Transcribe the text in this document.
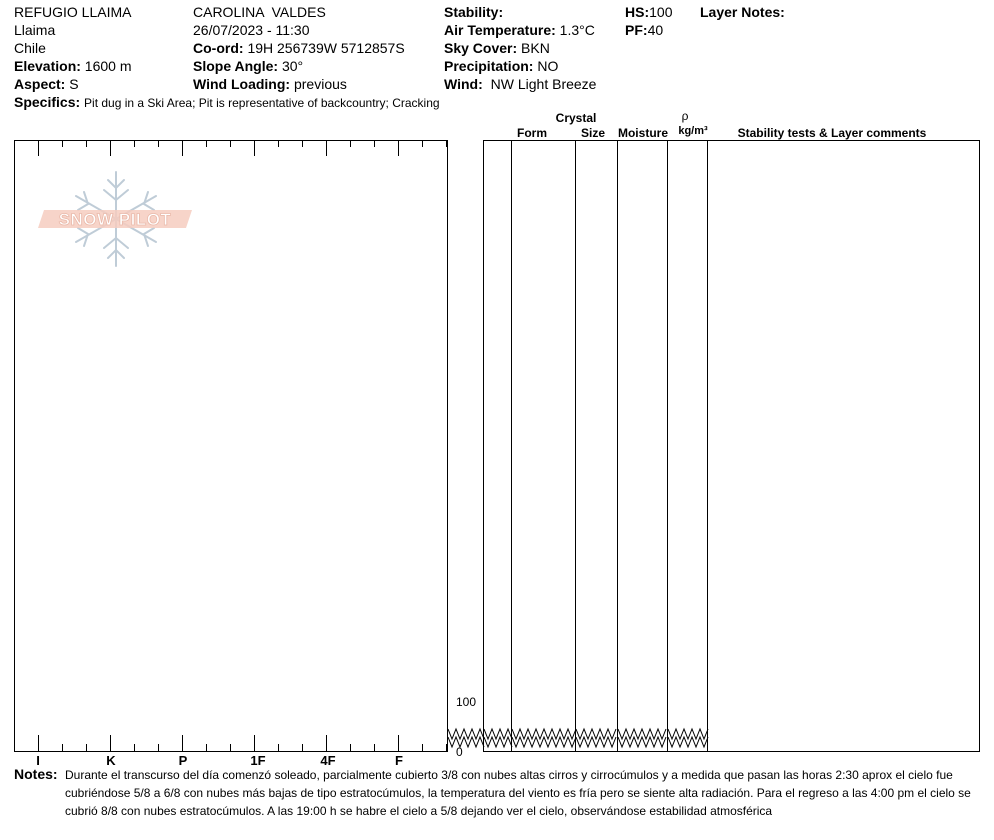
REFUGIO LLAIMA
Llaima
Chile
Elevation: 1600 m
Aspect: S
CAROLINA  VALDES
26/07/2023 - 11:30
Co-ord: 19H 256739W 5712857S
Slope Angle: 30°
Wind Loading: previous
Stability:
Air Temperature: 1.3°C
Sky Cover: BKN
Precipitation: NO
Wind: NW Light Breeze
HS:100
PF:40
Layer Notes:
Specifics: Pit dug in a Ski Area; Pit is representative of backcountry; Cracking
Crystal
Form	Size	Moisture
ρ
kg/m³	Stability tests & Layer comments
I	K	P	1F	4F	F
SNOW PILOT
100
0
Notes: Durante el transcurso del día comenzó soleado, parcialmente cubierto 3/8 con nubes altas cirros y cirrocúmulos y a medida que pasan las horas 2:30 aprox el cielo fue cubriéndose 5/8 a 6/8 con nubes más bajas de tipo estratocúmulos, la temperatura del viento es fría pero se siente alta radiación. Para el regreso a las 4:00 pm el cielo se cubrió 8/8 con nubes estratocúmulos. A las 19:00 h se habre el cielo a 5/8 dejando ver el cielo, observándose estabilidad atmosférica
